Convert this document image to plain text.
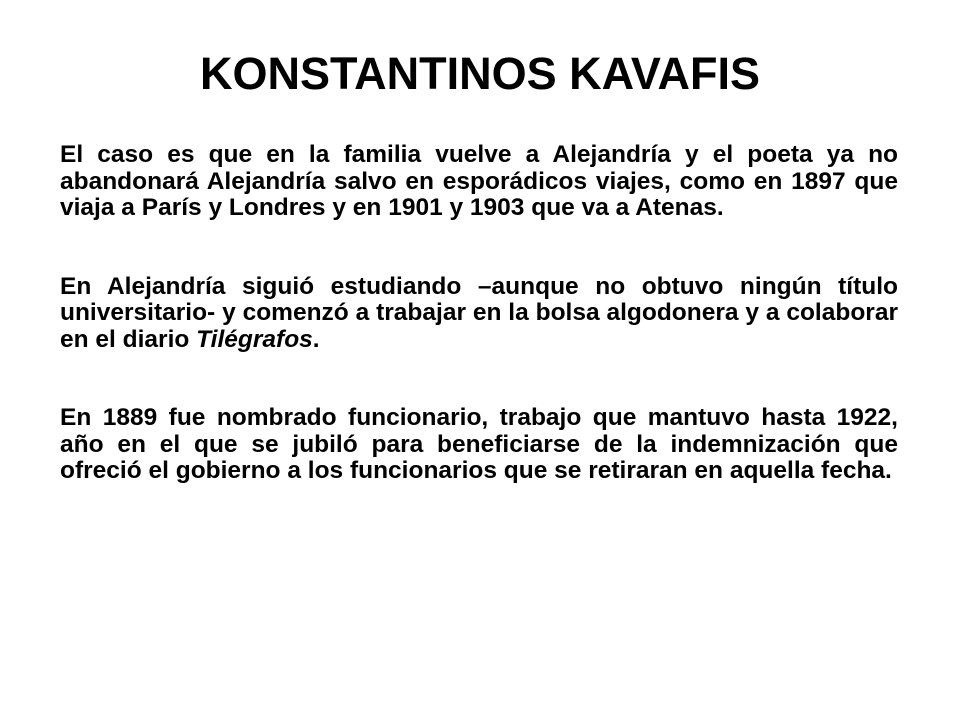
KONSTANTINOS KAVAFIS

El caso es que en la familia vuelve a Alejandría y el poeta ya no abandonará Alejandría salvo en esporádicos viajes, como en 1897 que viaja a París y Londres y en 1901 y 1903 que va a Atenas.

En Alejandría siguió estudiando –aunque no obtuvo ningún título universitario- y comenzó a trabajar en la bolsa algodonera y a colaborar en el diario Tilégrafos.

En 1889 fue nombrado funcionario, trabajo que mantuvo hasta 1922, año en el que se jubiló para beneficiarse de la indemnización que ofreció el gobierno a los funcionarios que se retiraran en aquella fecha.
